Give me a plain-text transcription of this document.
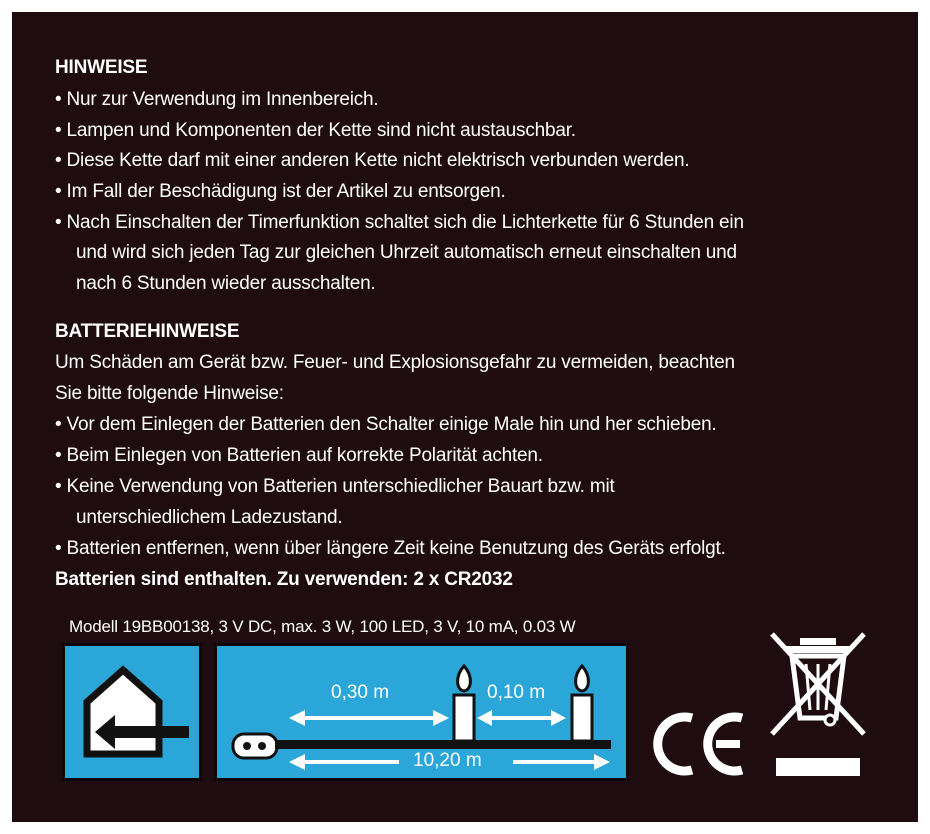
HINWEISE
• Nur zur Verwendung im Innenbereich.
• Lampen und Komponenten der Kette sind nicht austauschbar.
• Diese Kette darf mit einer anderen Kette nicht elektrisch verbunden werden.
• Im Fall der Beschädigung ist der Artikel zu entsorgen.
• Nach Einschalten der Timerfunktion schaltet sich die Lichterkette für 6 Stunden ein
und wird sich jeden Tag zur gleichen Uhrzeit automatisch erneut einschalten und
nach 6 Stunden wieder ausschalten.
BATTERIEHINWEISE
Um Schäden am Gerät bzw. Feuer- und Explosionsgefahr zu vermeiden, beachten
Sie bitte folgende Hinweise:
• Vor dem Einlegen der Batterien den Schalter einige Male hin und her schieben.
• Beim Einlegen von Batterien auf korrekte Polarität achten.
• Keine Verwendung von Batterien unterschiedlicher Bauart bzw. mit
unterschiedlichem Ladezustand.
• Batterien entfernen, wenn über längere Zeit keine Benutzung des Geräts erfolgt.
Batterien sind enthalten. Zu verwenden: 2 x CR2032
Modell 19BB00138, 3 V DC, max. 3 W, 100 LED, 3 V, 10 mA, 0.03 W
0,30 m	0,10 m
10,20 m
